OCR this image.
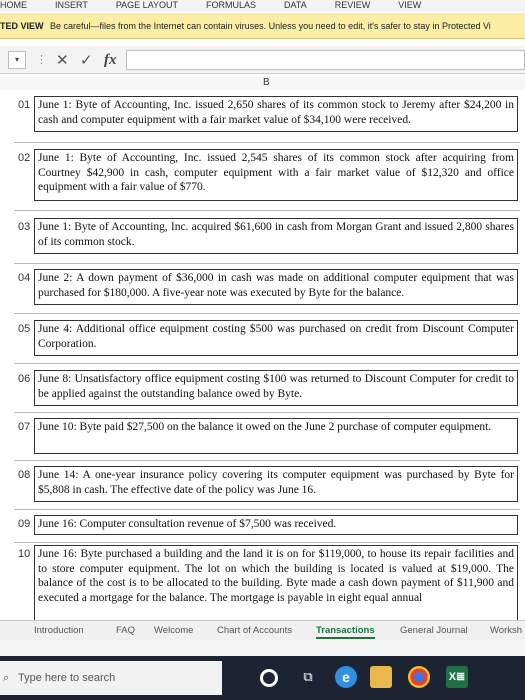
HOME	INSERT	PAGE LAYOUT	FORMULAS	DATA	REVIEW	VIEW
TED VIEW Be careful—files from the Internet can contain viruses. Unless you need to edit, it's safer to stay in Protected Vi
▾	⋮ ✕ ✓ fx
B
01 June 1: Byte of Accounting, Inc. issued 2,650 shares of its common stock to Jeremy after $24,200 in cash and computer equipment with a fair market value of $34,100 were received.
02 June 1: Byte of Accounting, Inc. issued 2,545 shares of its common stock after acquiring from Courtney $42,900 in cash, computer equipment with a fair market value of $12,320 and office equipment with a fair value of $770.
03 June 1: Byte of Accounting, Inc. acquired $61,600 in cash from Morgan Grant and issued 2,800 shares of its common stock.
04 June 2: A down payment of $36,000 in cash was made on additional computer equipment that was purchased for $180,000. A five-year note was executed by Byte for the balance.
05 June 4: Additional office equipment costing $500 was purchased on credit from Discount Computer Corporation.
06 June 8: Unsatisfactory office equipment costing $100 was returned to Discount Computer for credit to be applied against the outstanding balance owed by Byte.
07 June 10: Byte paid $27,500 on the balance it owed on the June 2 purchase of computer equipment.
08 June 14: A one-year insurance policy covering its computer equipment was purchased by Byte for $5,808 in cash. The effective date of the policy was June 16.
09 June 16: Computer consultation revenue of $7,500 was received.
10 June 16: Byte purchased a building and the land it is on for $119,000, to house its repair facilities and to store computer equipment. The lot on which the building is located is valued at $19,000. The balance of the cost is to be allocated to the building. Byte made a cash down payment of $11,900 and executed a mortgage for the balance. The mortgage is payable in eight equal annual
Introduction	FAQ Welcome Chart of Accounts	Transactions	General Journal Worksh
⌕ Type here to search	⧉	e	X≣
